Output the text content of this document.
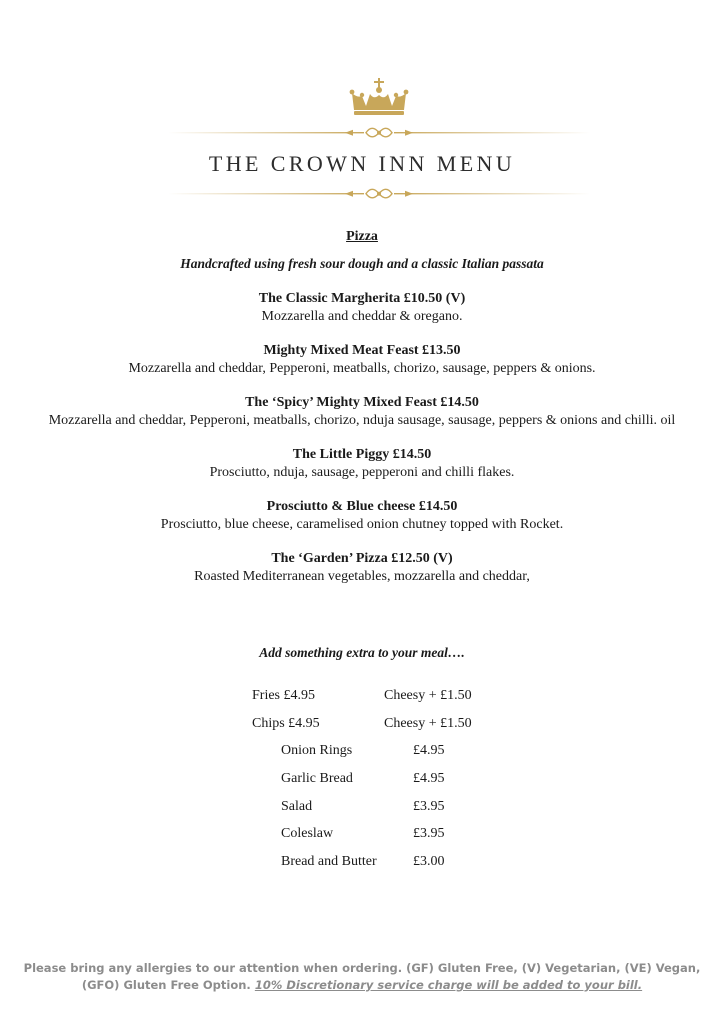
THE CROWN INN MENU
Pizza
Handcrafted using fresh sour dough and a classic Italian passata
The Classic Margherita £10.50 (V)
Mozzarella and cheddar & oregano.
Mighty Mixed Meat Feast £13.50
Mozzarella and cheddar, Pepperoni, meatballs, chorizo, sausage, peppers & onions.
The ‘Spicy’ Mighty Mixed Feast £14.50
Mozzarella and cheddar, Pepperoni, meatballs, chorizo, nduja sausage, sausage, peppers & onions and chilli. oil
The Little Piggy £14.50
Prosciutto, nduja, sausage, pepperoni and chilli flakes.
Prosciutto & Blue cheese £14.50
Prosciutto, blue cheese, caramelised onion chutney topped with Rocket.
The ‘Garden’ Pizza £12.50 (V)
Roasted Mediterranean vegetables, mozzarella and cheddar,
Add something extra to your meal….
Fries £4.95	Cheesy + £1.50
Chips £4.95	Cheesy + £1.50
Onion Rings	£4.95
Garlic Bread	£4.95
Salad	£3.95
Coleslaw	£3.95
Bread and Butter	£3.00
Please bring any allergies to our attention when ordering. (GF) Gluten Free, (V) Vegetarian, (VE) Vegan, (GFO) Gluten Free Option. 10% Discretionary service charge will be added to your bill.
